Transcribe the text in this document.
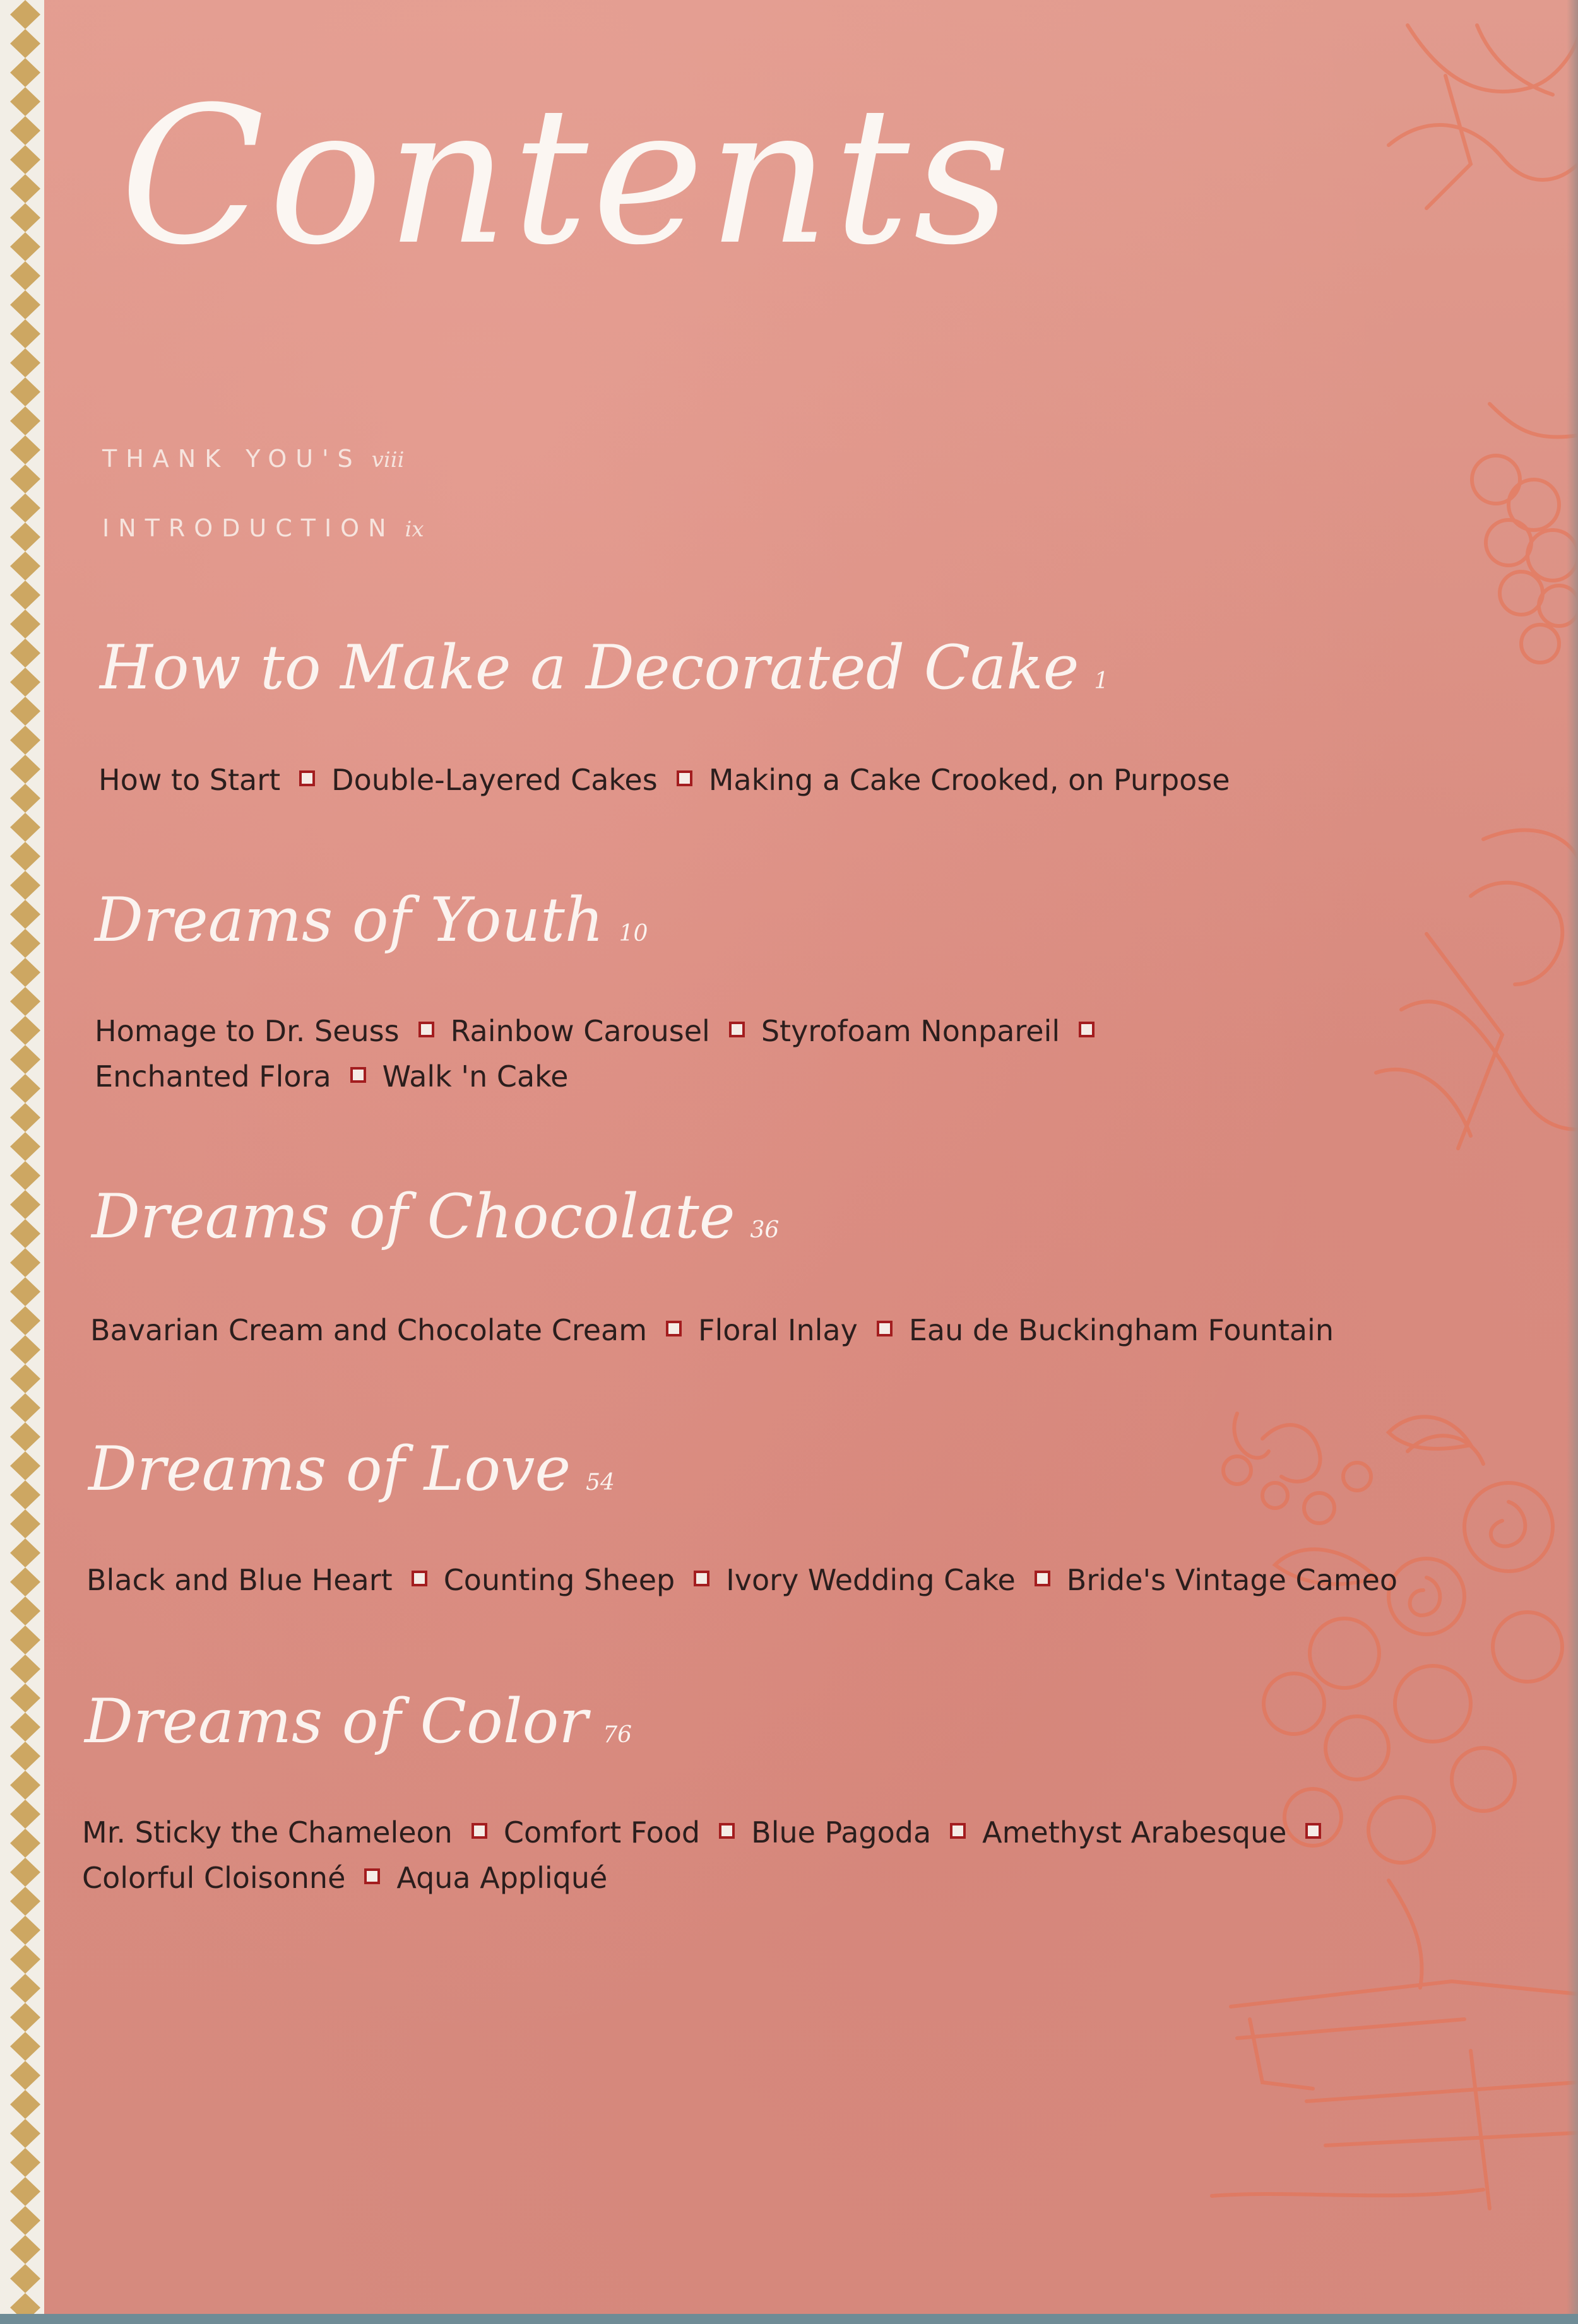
Contents
THANK YOU'S viii
INTRODUCTION ix
How to Make a Decorated Cake 1
How to Start Double-Layered Cakes Making a Cake Crooked, on Purpose
Dreams of Youth 10
Homage to Dr. Seuss Rainbow Carousel Styrofoam Nonpareil
Enchanted Flora Walk 'n Cake
Dreams of Chocolate 36
Bavarian Cream and Chocolate Cream Floral Inlay Eau de Buckingham Fountain
Dreams of Love 54
Black and Blue Heart Counting Sheep Ivory Wedding Cake Bride's Vintage Cameo
Dreams of Color 76
Mr. Sticky the Chameleon Comfort Food Blue Pagoda Amethyst Arabesque
Colorful Cloisonné Aqua Appliqué
